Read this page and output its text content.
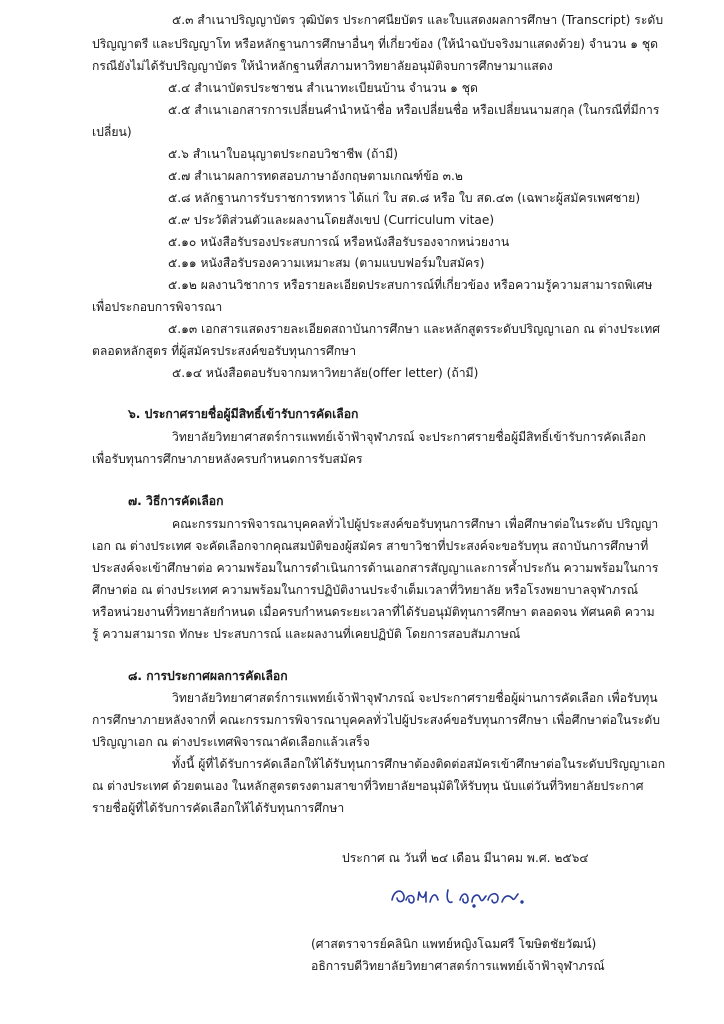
๕.๓ สำเนาปริญญาบัตร วุฒิบัตร ประกาศนียบัตร และใบแสดงผลการศึกษา (Transcript) ระดับ
ปริญญาตรี และปริญญาโท หรือหลักฐานการศึกษาอื่นๆ ที่เกี่ยวข้อง (ให้นำฉบับจริงมาแสดงด้วย) จำนวน ๑ ชุด
กรณียังไม่ได้รับปริญญาบัตร ให้นำหลักฐานที่สภามหาวิทยาลัยอนุมัติจบการศึกษามาแสดง
๕.๔ สำเนาบัตรประชาชน สำเนาทะเบียนบ้าน จำนวน ๑ ชุด
๕.๕ สำเนาเอกสารการเปลี่ยนคำนำหน้าชื่อ หรือเปลี่ยนชื่อ หรือเปลี่ยนนามสกุล (ในกรณีที่มีการ
เปลี่ยน)
๕.๖ สำเนาใบอนุญาตประกอบวิชาชีพ (ถ้ามี)
๕.๗ สำเนาผลการทดสอบภาษาอังกฤษตามเกณฑ์ข้อ ๓.๒
๕.๘ หลักฐานการรับราชการทหาร ได้แก่ ใบ สด.๘ หรือ ใบ สด.๔๓ (เฉพาะผู้สมัครเพศชาย)
๕.๙ ประวัติส่วนตัวและผลงานโดยสังเขป (Curriculum vitae)
๕.๑๐ หนังสือรับรองประสบการณ์ หรือหนังสือรับรองจากหน่วยงาน
๕.๑๑ หนังสือรับรองความเหมาะสม (ตามแบบฟอร์มใบสมัคร)
๕.๑๒ ผลงานวิชาการ หรือรายละเอียดประสบการณ์ที่เกี่ยวข้อง หรือความรู้ความสามารถพิเศษ
เพื่อประกอบการพิจารณา
๕.๑๓ เอกสารแสดงรายละเอียดสถาบันการศึกษา และหลักสูตรระดับปริญญาเอก ณ ต่างประเทศ
ตลอดหลักสูตร ที่ผู้สมัครประสงค์ขอรับทุนการศึกษา
๕.๑๔ หนังสือตอบรับจากมหาวิทยาลัย(offer letter) (ถ้ามี)
๖. ประกาศรายชื่อผู้มีสิทธิ์เข้ารับการคัดเลือก
วิทยาลัยวิทยาศาสตร์การแพทย์เจ้าฟ้าจุฬาภรณ์ จะประกาศรายชื่อผู้มีสิทธิ์เข้ารับการคัดเลือก
เพื่อรับทุนการศึกษาภายหลังครบกำหนดการรับสมัคร
๗. วิธีการคัดเลือก
คณะกรรมการพิจารณาบุคคลทั่วไปผู้ประสงค์ขอรับทุนการศึกษา เพื่อศึกษาต่อในระดับ ปริญญา
เอก ณ ต่างประเทศ จะคัดเลือกจากคุณสมบัติของผู้สมัคร สาขาวิชาที่ประสงค์จะขอรับทุน สถาบันการศึกษาที่
ประสงค์จะเข้าศึกษาต่อ ความพร้อมในการดำเนินการด้านเอกสารสัญญาและการค้ำประกัน ความพร้อมในการ
ศึกษาต่อ ณ ต่างประเทศ ความพร้อมในการปฏิบัติงานประจำเต็มเวลาที่วิทยาลัย หรือโรงพยาบาลจุฬาภรณ์
หรือหน่วยงานที่วิทยาลัยกำหนด เมื่อครบกำหนดระยะเวลาที่ได้รับอนุมัติทุนการศึกษา ตลอดจน ทัศนคติ ความ
รู้ ความสามารถ ทักษะ ประสบการณ์ และผลงานที่เคยปฏิบัติ โดยการสอบสัมภาษณ์
๘. การประกาศผลการคัดเลือก
วิทยาลัยวิทยาศาสตร์การแพทย์เจ้าฟ้าจุฬาภรณ์ จะประกาศรายชื่อผู้ผ่านการคัดเลือก เพื่อรับทุน
การศึกษาภายหลังจากที่ คณะกรรมการพิจารณาบุคคลทั่วไปผู้ประสงค์ขอรับทุนการศึกษา เพื่อศึกษาต่อในระดับ
ปริญญาเอก ณ ต่างประเทศพิจารณาคัดเลือกแล้วเสร็จ
ทั้งนี้ ผู้ที่ได้รับการคัดเลือกให้ได้รับทุนการศึกษาต้องติดต่อสมัครเข้าศึกษาต่อในระดับปริญญาเอก
ณ ต่างประเทศ ด้วยตนเอง ในหลักสูตรตรงตามสาขาที่วิทยาลัยฯอนุมัติให้รับทุน นับแต่วันที่วิทยาลัยประกาศ
รายชื่อผู้ที่ได้รับการคัดเลือกให้ได้รับทุนการศึกษา
ประกาศ ณ วันที่ ๒๔ เดือน มีนาคม พ.ศ. ๒๕๖๔
(ศาสตราจารย์คลินิก แพทย์หญิงโฉมศรี โฆษิตชัยวัฒน์)
อธิการบดีวิทยาลัยวิทยาศาสตร์การแพทย์เจ้าฟ้าจุฬาภรณ์
